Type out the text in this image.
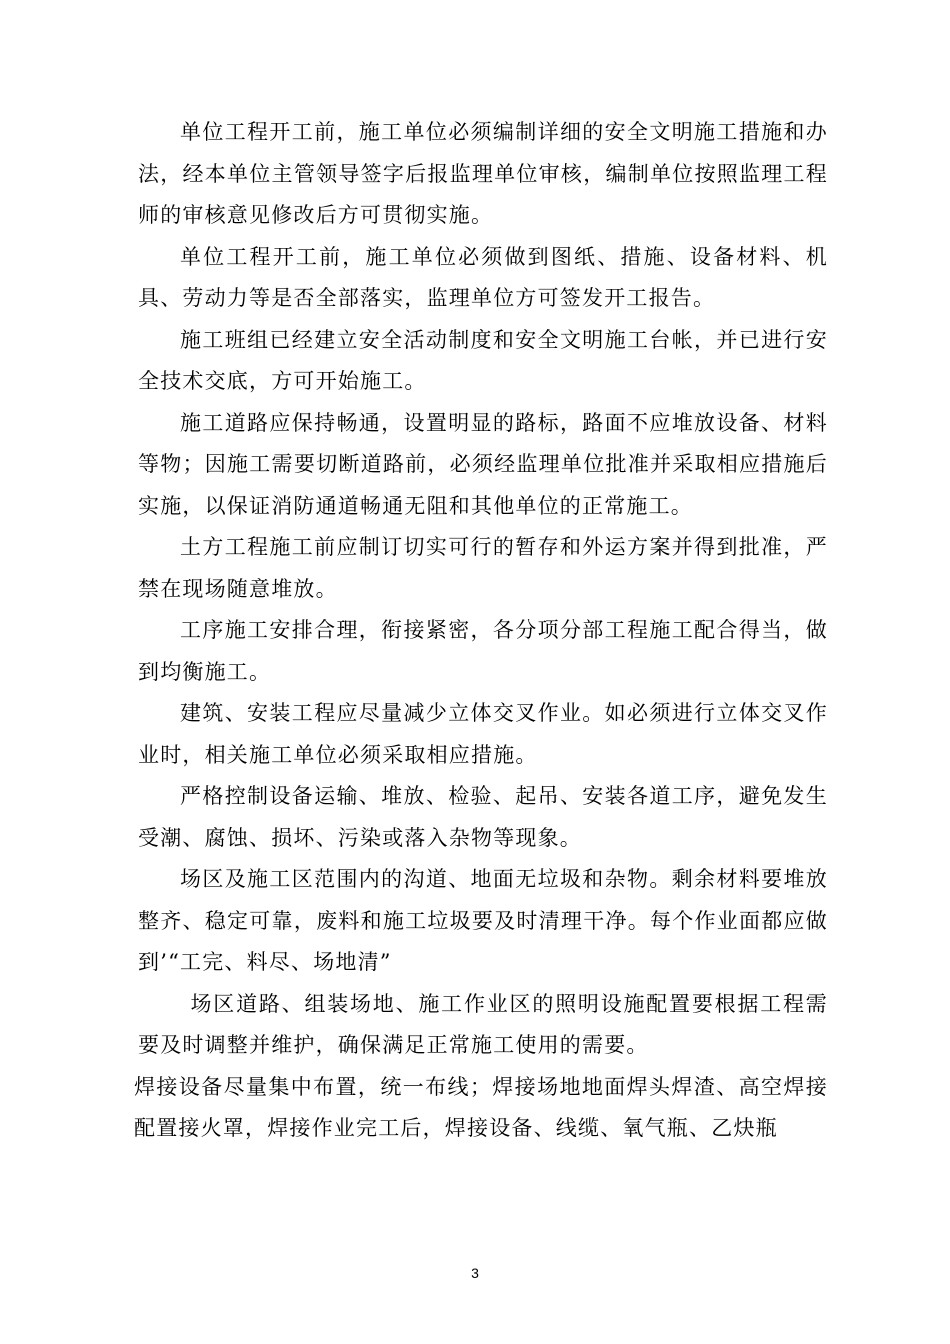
单位工程开工前，施工单位必须编制详细的安全文明施工措施和办法，经本单位主管领导签字后报监理单位审核，编制单位按照监理工程师的审核意见修改后方可贯彻实施。

单位工程开工前，施工单位必须做到图纸、措施、设备材料、机具、劳动力等是否全部落实，监理单位方可签发开工报告。

施工班组已经建立安全活动制度和安全文明施工台帐，并已进行安全技术交底，方可开始施工。

施工道路应保持畅通，设置明显的路标，路面不应堆放设备、材料等物；因施工需要切断道路前，必须经监理单位批准并采取相应措施后实施，以保证消防通道畅通无阻和其他单位的正常施工。

土方工程施工前应制订切实可行的暂存和外运方案并得到批准，严禁在现场随意堆放。

工序施工安排合理，衔接紧密，各分项分部工程施工配合得当，做到均衡施工。

建筑、安装工程应尽量减少立体交叉作业。如必须进行立体交叉作业时，相关施工单位必须采取相应措施。

严格控制设备运输、堆放、检验、起吊、安装各道工序，避免发生受潮、腐蚀、损坏、污染或落入杂物等现象。

场区及施工区范围内的沟道、地面无垃圾和杂物。剩余材料要堆放整齐、稳定可靠，废料和施工垃圾要及时清理干净。每个作业面都应做到’“工完、料尽、场地清”

场区道路、组装场地、施工作业区的照明设施配置要根据工程需要及时调整并维护，确保满足正常施工使用的需要。

焊接设备尽量集中布置，统一布线；焊接场地地面焊头焊渣、高空焊接配置接火罩，焊接作业完工后，焊接设备、线缆、氧气瓶、乙炔瓶

3
